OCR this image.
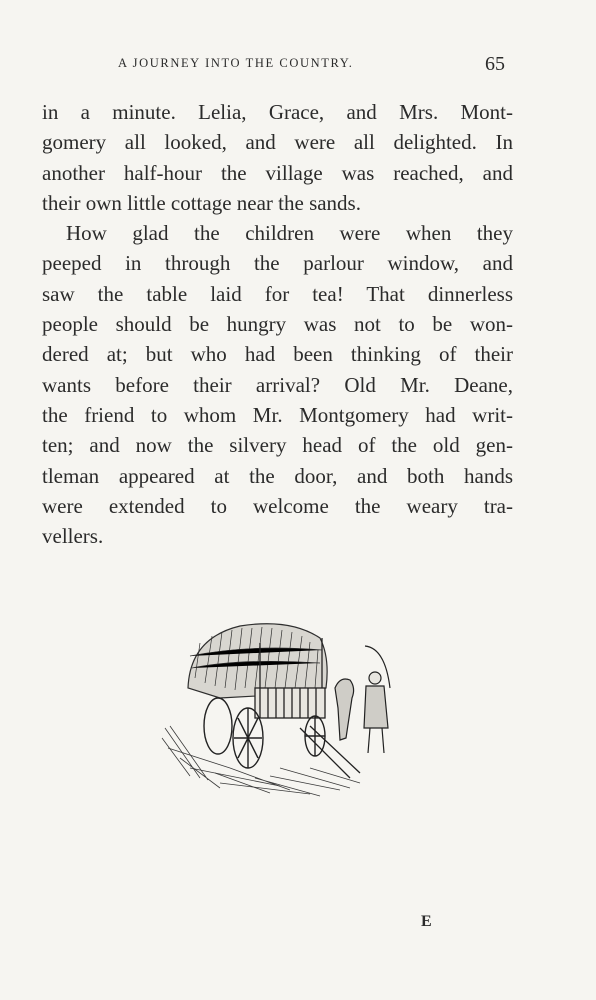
A JOURNEY INTO THE COUNTRY.	65
in a minute. Lelia, Grace, and Mrs. Mont-
gomery all looked, and were all delighted. In
another half-hour the village was reached, and
their own little cottage near the sands.
How glad the children were when they
peeped in through the parlour window, and
saw the table laid for tea! That dinnerless
people should be hungry was not to be won-
dered at; but who had been thinking of their
wants before their arrival? Old Mr. Deane,
the friend to whom Mr. Montgomery had writ-
ten; and now the silvery head of the old gen-
tleman appeared at the door, and both hands
were extended to welcome the weary tra-
vellers.
E
